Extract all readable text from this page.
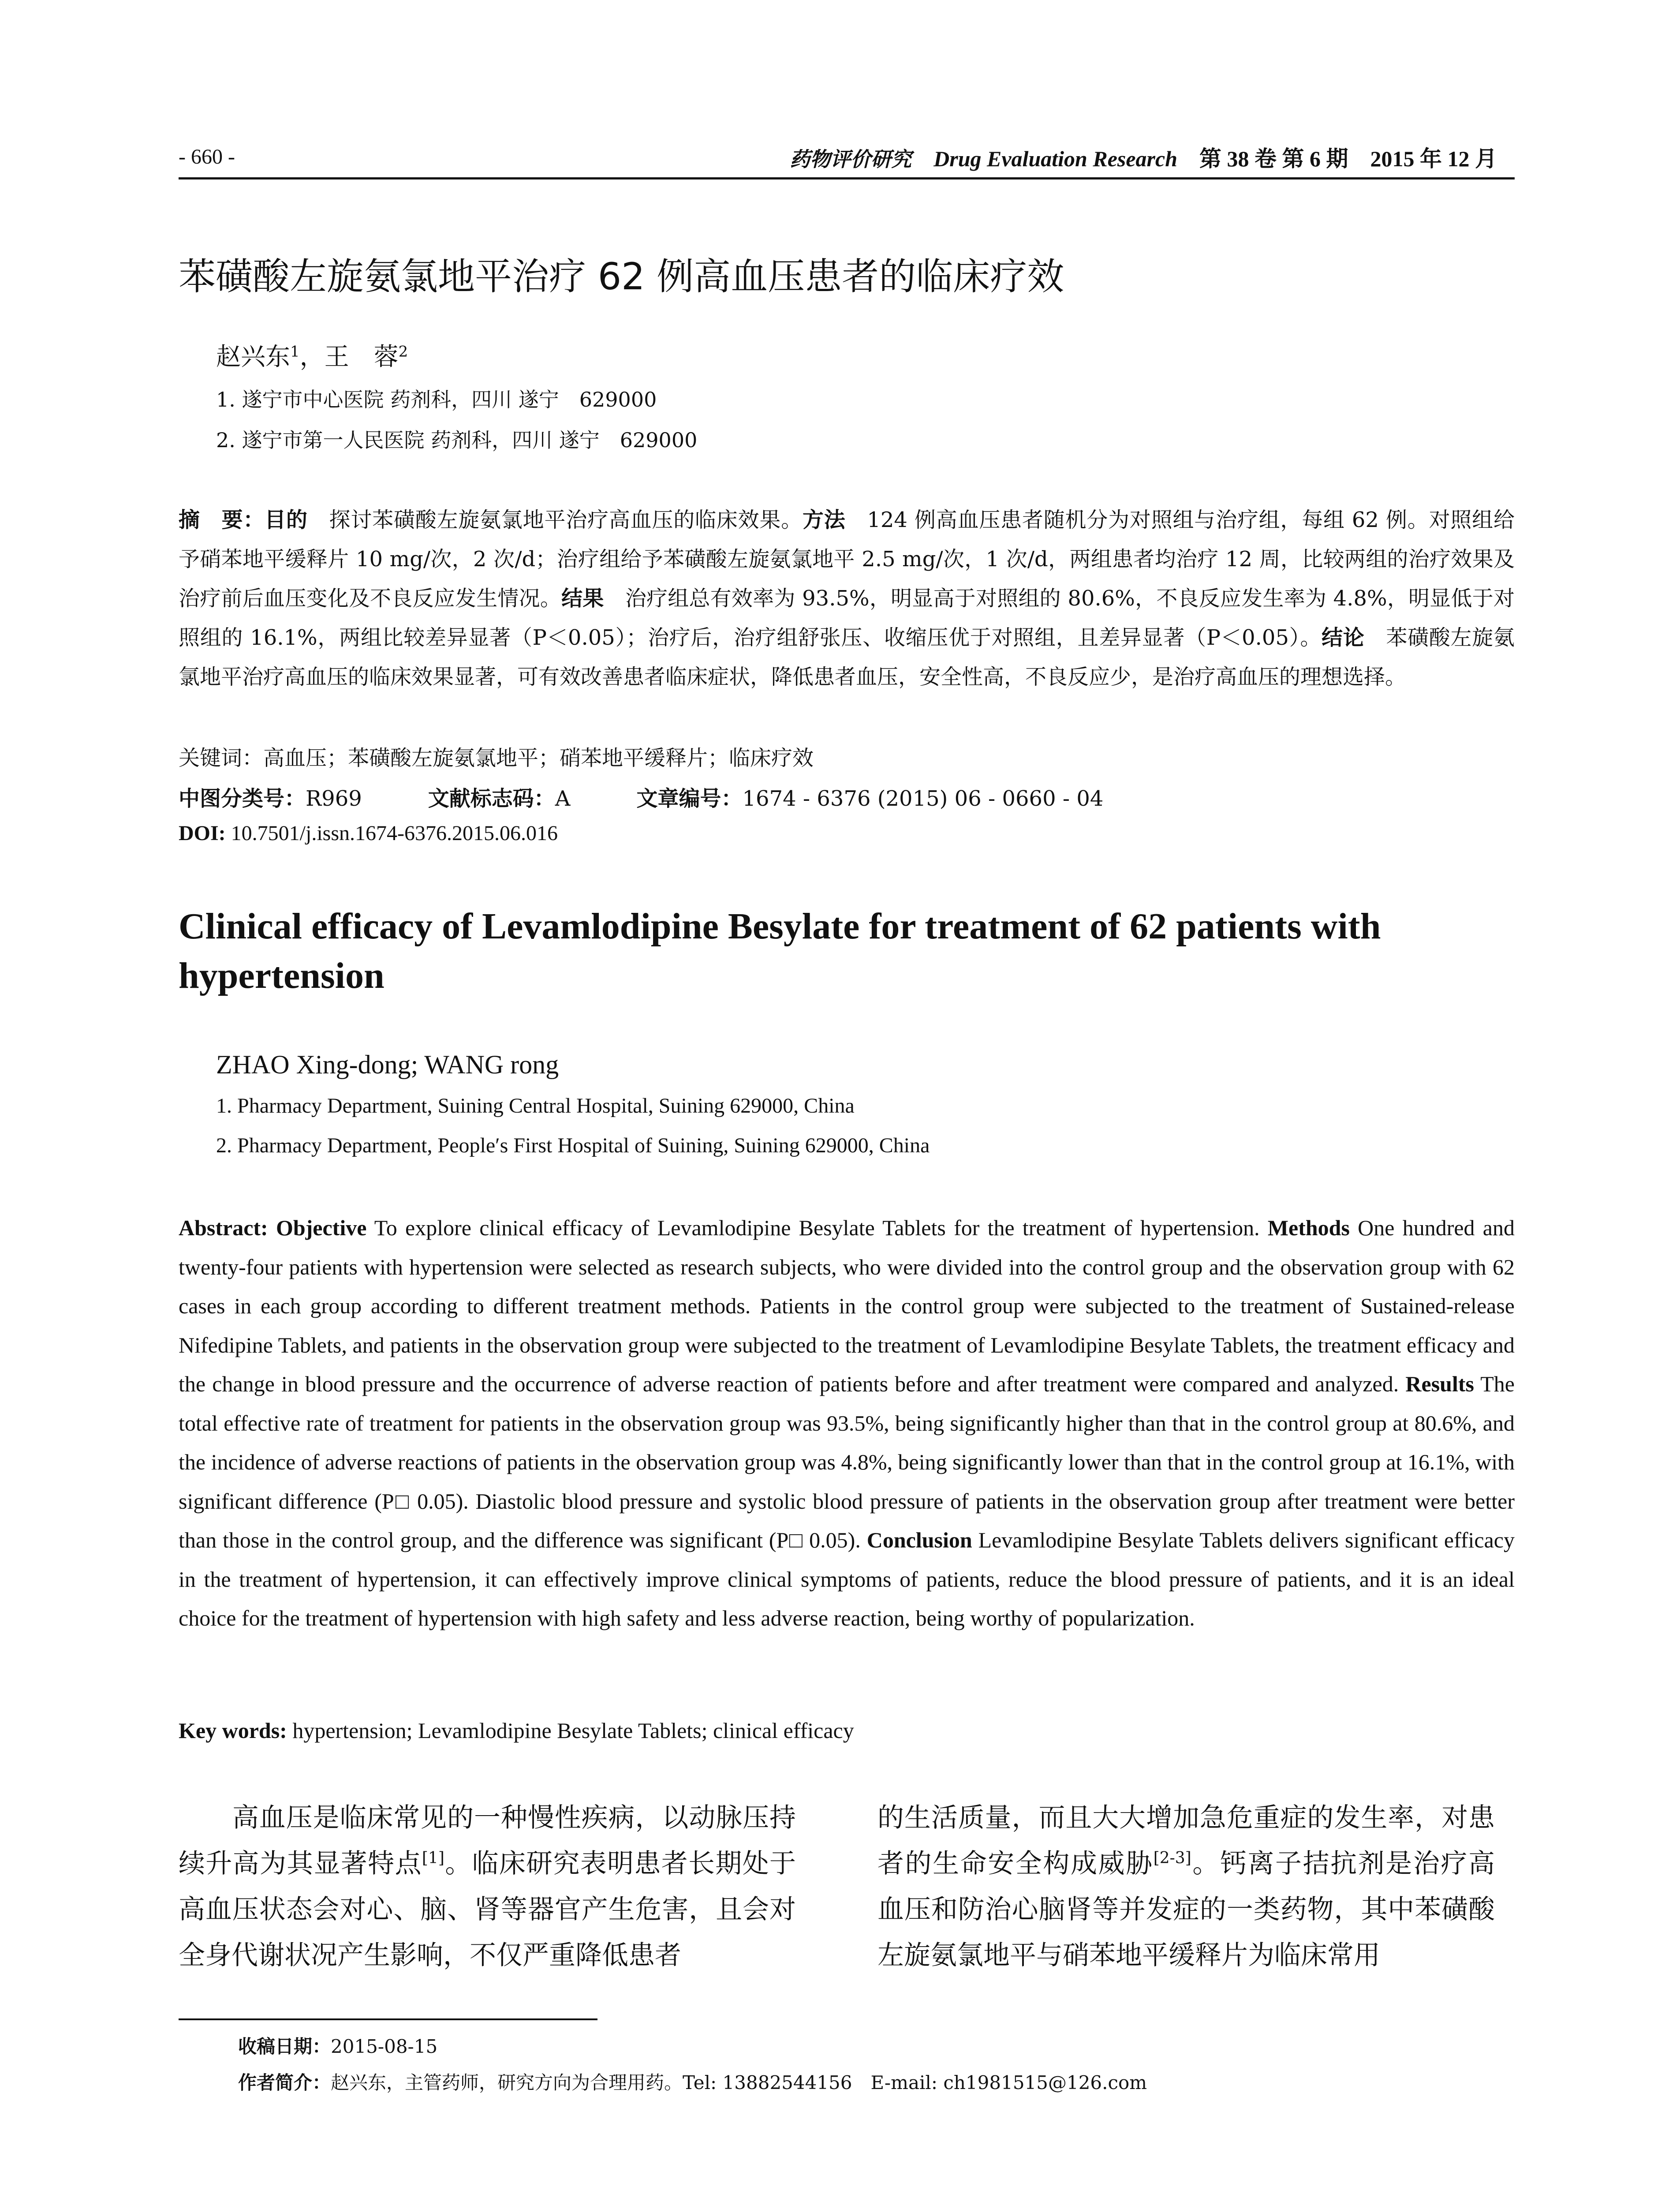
- 660 -	药物评价研究 Drug Evaluation Research 第 38 卷 第 6 期　2015 年 12 月
苯磺酸左旋氨氯地平治疗 62 例高血压患者的临床疗效
赵兴东$^1$，王　蓉$^2$
1. 遂宁市中心医院 药剂科，四川 遂宁　629000
2. 遂宁市第一人民医院 药剂科，四川 遂宁　629000
摘　要：目的　探讨苯磺酸左旋氨氯地平治疗高血压的临床效果。方法　124 例高血压患者随机分为对照组与治疗组，每组 62 例。对照组给予硝苯地平缓释片 10 mg/次，2 次/d；治疗组给予苯磺酸左旋氨氯地平 2.5 mg/次，1 次/d，两组患者均治疗 12 周，比较两组的治疗效果及治疗前后血压变化及不良反应发生情况。结果　治疗组总有效率为 93.5%，明显高于对照组的 80.6%，不良反应发生率为 4.8%，明显低于对照组的 16.1%，两组比较差异显著（P＜0.05）；治疗后，治疗组舒张压、收缩压优于对照组，且差异显著（P＜0.05）。结论　苯磺酸左旋氨氯地平治疗高血压的临床效果显著，可有效改善患者临床症状，降低患者血压，安全性高，不良反应少，是治疗高血压的理想选择。
关键词：高血压；苯磺酸左旋氨氯地平；硝苯地平缓释片；临床疗效
中图分类号：R969	文献标志码：A	文章编号：1674 - 6376 (2015) 06 - 0660 - 04
DOI: 10.7501/j.issn.1674-6376.2015.06.016
Clinical efficacy of Levamlodipine Besylate for treatment of 62 patients with hypertension
ZHAO Xing-dong; WANG rong
1. Pharmacy Department, Suining Central Hospital, Suining 629000, China
2. Pharmacy Department, People′s First Hospital of Suining, Suining 629000, China
Abstract: Objective To explore clinical efficacy of Levamlodipine Besylate Tablets for the treatment of hypertension. Methods One hundred and twenty-four patients with hypertension were selected as research subjects, who were divided into the control group and the observation group with 62 cases in each group according to different treatment methods. Patients in the control group were subjected to the treatment of Sustained-release Nifedipine Tablets, and patients in the observation group were subjected to the treatment of Levamlodipine Besylate Tablets, the treatment efficacy and the change in blood pressure and the occurrence of adverse reaction of patients before and after treatment were compared and analyzed. Results The total effective rate of treatment for patients in the observation group was 93.5%, being significantly higher than that in the control group at 80.6%, and the incidence of adverse reactions of patients in the observation group was 4.8%, being significantly lower than that in the control group at 16.1%, with significant difference (P□ 0.05). Diastolic blood pressure and systolic blood pressure of patients in the observation group after treatment were better than those in the control group, and the difference was significant (P□ 0.05). Conclusion Levamlodipine Besylate Tablets delivers significant efficacy in the treatment of hypertension, it can effectively improve clinical symptoms of patients, reduce the blood pressure of patients, and it is an ideal choice for the treatment of hypertension with high safety and less adverse reaction, being worthy of popularization.
Key words: hypertension; Levamlodipine Besylate Tablets; clinical efficacy
　　高血压是临床常见的一种慢性疾病，以动脉压持续升高为其显著特点[1]。临床研究表明患者长期处于高血压状态会对心、脑、肾等器官产生危害，且会对全身代谢状况产生影响，不仅严重降低患者
的生活质量，而且大大增加急危重症的发生率，对患者的生命安全构成威胁[2-3]。钙离子拮抗剂是治疗高血压和防治心脑肾等并发症的一类药物，其中苯磺酸左旋氨氯地平与硝苯地平缓释片为临床常用
收稿日期：2015-08-15
作者简介：赵兴东，主管药师，研究方向为合理用药。Tel: 13882544156　E-mail: ch1981515@126.com
